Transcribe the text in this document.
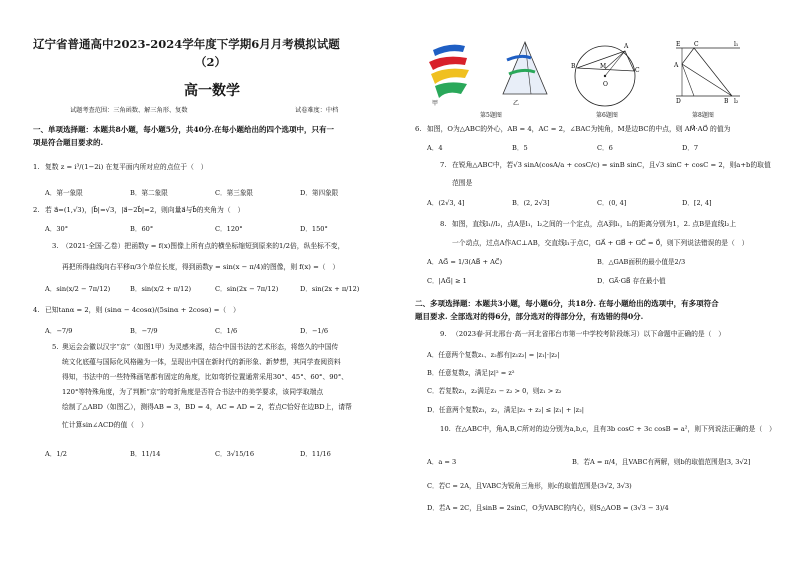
辽宁省普通高中2023-2024学年度下学期6月月考模拟试题
（2）
高一数学
试题考查范围：三角函数、解三角形、复数	试卷难度：中档
一、单项选择题：本题共8小题，每小题5分，共40分.在每小题给出的四个选项中，只有一
项是符合题目要求的.
1. 复数 z = i³/(1−2i) 在复平面内所对应的点位于（　）
A．第一象限	B．第二象限	C．第三象限	D．第四象限
2. 若 a⃗=(1,√3)，|b⃗|=√3，|a⃗−2b⃗|=2，则向量a⃗与b⃗的夹角为（　）
A．30°	B．60°	C．120°	D．150°
3. （2021·全国·乙卷）把函数y = f(x)图像上所有点的横坐标缩短到原来的1/2倍，纵坐标不变，
再把所得曲线向右平移π/3个单位长度，得到函数y = sin(x − π/4)的图像，则 f(x) =（　）
A．sin(x/2 − 7π/12)	B．sin(x/2 + π/12)	C．sin(2x − 7π/12)	D．sin(2x + π/12)
4. 已知tanα = 2，则 (sinα − 4cosα)/(5sinα + 2cosα) =（　）
A．−7/9	B．−7/9	C．1/6	D．−1/6
5. 奥运会会徽以汉字“京”（如图1甲）为灵感来源，结合中国书法的艺术形态，将悠久的中国传
统文化底蕴与国际化风格融为一体，呈现出中国在新时代的新形象、新梦想，其同学查阅资料
得知，书法中的一些特殊画笔都有固定的角度，比如弯折位置通常采用30°、45°、60°、90°、
120°等特殊角度，为了判断“京”的弯折角度是否符合书法中的美学要求，该同学取端点
绘制了△ABD（如图乙），测得AB = 3，BD = 4，AC = AD = 2，若点C恰好在边BD上，请帮
忙计算sin∠ACD的值（　）
A．1/2	B．11/14	C．3√15/16	D．11/16
甲	乙
第5题图
A
B
C
M
O
第6题图
E C	l₁
A
l₂
D	B
第8题图
6. 如图，O为△ABC的外心，AB = 4，AC = 2，∠BAC为钝角，M是边BC的中点，则 AM⃗·AO⃗ 的值为
A．4	B．5	C．6	D．7
7. 在锐角△ABC中，若√3 sinA(cosA/a + cosC/c) = sinB sinC，且√3 sinC + cosC = 2，则a+b的取值
范围是
A．(2√3, 4]	B．(2, 2√3]	C．(0, 4]	D．[2, 4]
8. 如图，直线l₁//l₂，点A是l₁，l₂之间的一个定点，点A到l₁，l₂的距离分别为1，2. 点B是直线l₂上
一个动点，过点A作AC⊥AB，交直线l₁于点C，GA⃗ + GB⃗ + GC⃗ = 0⃗，则下列说法错误的是（　）
A．AG⃗ = 1/3(AB⃗ + AC⃗)	B．△GAB面积的最小值是2/3
C．|AG⃗| ≥ 1	D．GA⃗·GB⃗ 存在最小值
二、多项选择题：本题共3小题，每小题6分，共18分. 在每小题给出的选项中，有多项符合
题目要求. 全部选对的得6分，部分选对的得部分分，有选错的得0分.
9. （2023春·河北邢台·高一河北省邢台市第一中学校考阶段练习）以下命题中正确的是（　）
A．任意两个复数z₁、z₂都有|z₁z₂| = |z₁|·|z₂|
B．任意复数z，满足|z|² = z²
C．若复数z₁，z₂满足z₁ − z₂ > 0，则z₁ > z₂
D．任意两个复数z₁，z₂，满足|z₁ + z₂| ≤ |z₁| + |z₂|
10. 在△ABC中，角A,B,C所对的边分别为a,b,c，且有3b cosC + 3c cosB = a²，则下列说法正确的是（　）
A．a = 3	B．若A = π/4，且VABC有两解，则b的取值范围是[3, 3√2]
C．若C = 2A，且VABC为锐角三角形，则c的取值范围是(3√2, 3√3)
D．若A = 2C，且sinB = 2sinC，O为VABC的内心，则S△AOB = (3√3 − 3)/4
